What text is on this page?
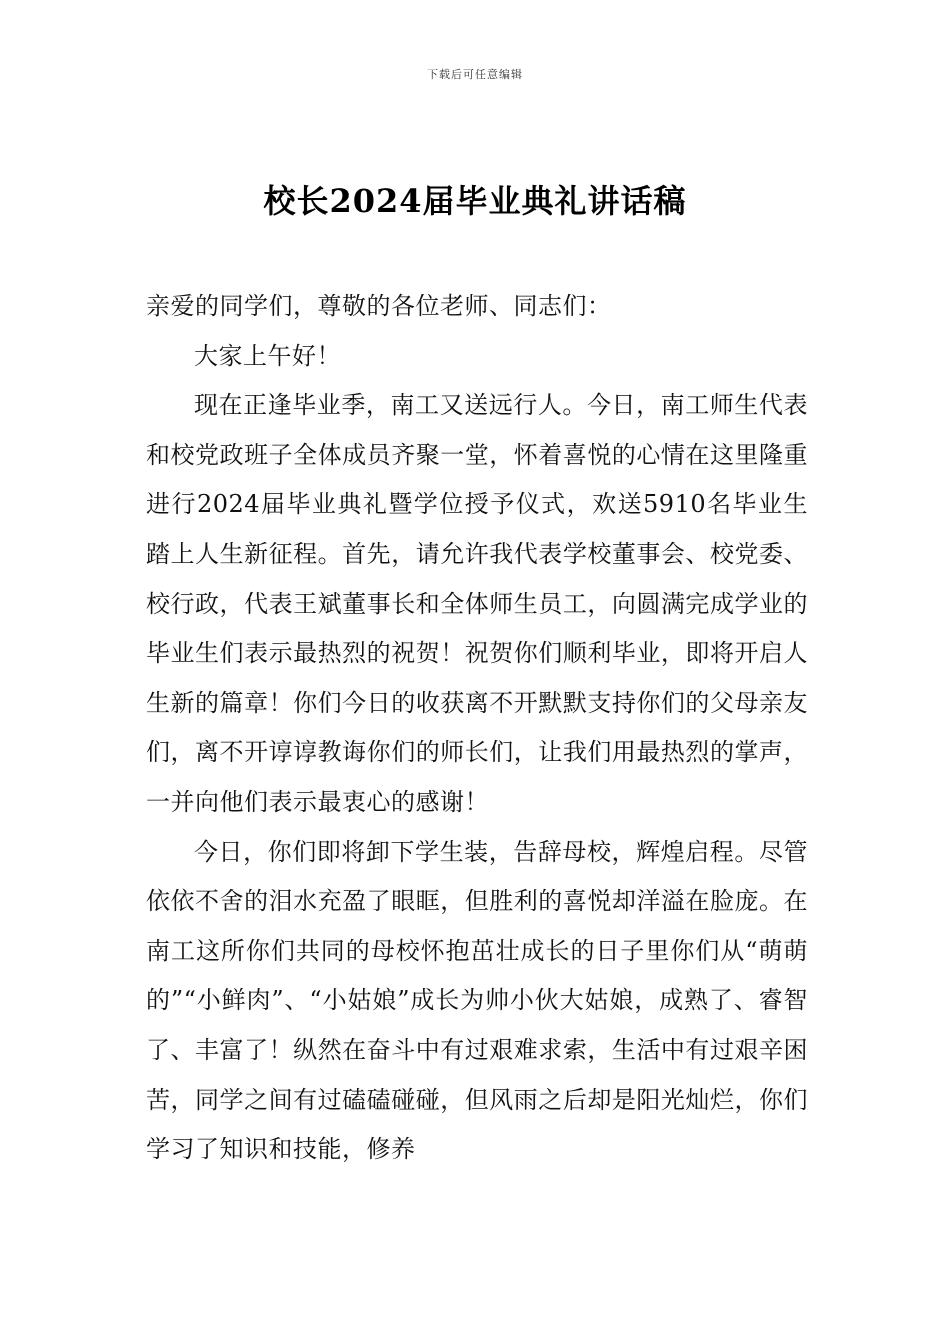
下载后可任意编辑
校长2024届毕业典礼讲话稿

亲爱的同学们，尊敬的各位老师、同志们：

大家上午好！

现在正逢毕业季，南工又送远行人。今日，南工师生代表和校党政班子全体成员齐聚一堂，怀着喜悦的心情在这里隆重进行2024届毕业典礼暨学位授予仪式，欢送5910名毕业生踏上人生新征程。首先，请允许我代表学校董事会、校党委、校行政，代表王斌董事长和全体师生员工，向圆满完成学业的毕业生们表示最热烈的祝贺！祝贺你们顺利毕业，即将开启人生新的篇章！你们今日的收获离不开默默支持你们的父母亲友们，离不开谆谆教诲你们的师长们，让我们用最热烈的掌声，一并向他们表示最衷心的感谢！

今日，你们即将卸下学生装，告辞母校，辉煌启程。尽管依依不舍的泪水充盈了眼眶，但胜利的喜悦却洋溢在脸庞。在南工这所你们共同的母校怀抱茁壮成长的日子里你们从“萌萌的”“小鲜肉”、“小姑娘”成长为帅小伙大姑娘，成熟了、睿智了、丰富了！纵然在奋斗中有过艰难求索，生活中有过艰辛困苦，同学之间有过磕磕碰碰，但风雨之后却是阳光灿烂，你们学习了知识和技能，修养
